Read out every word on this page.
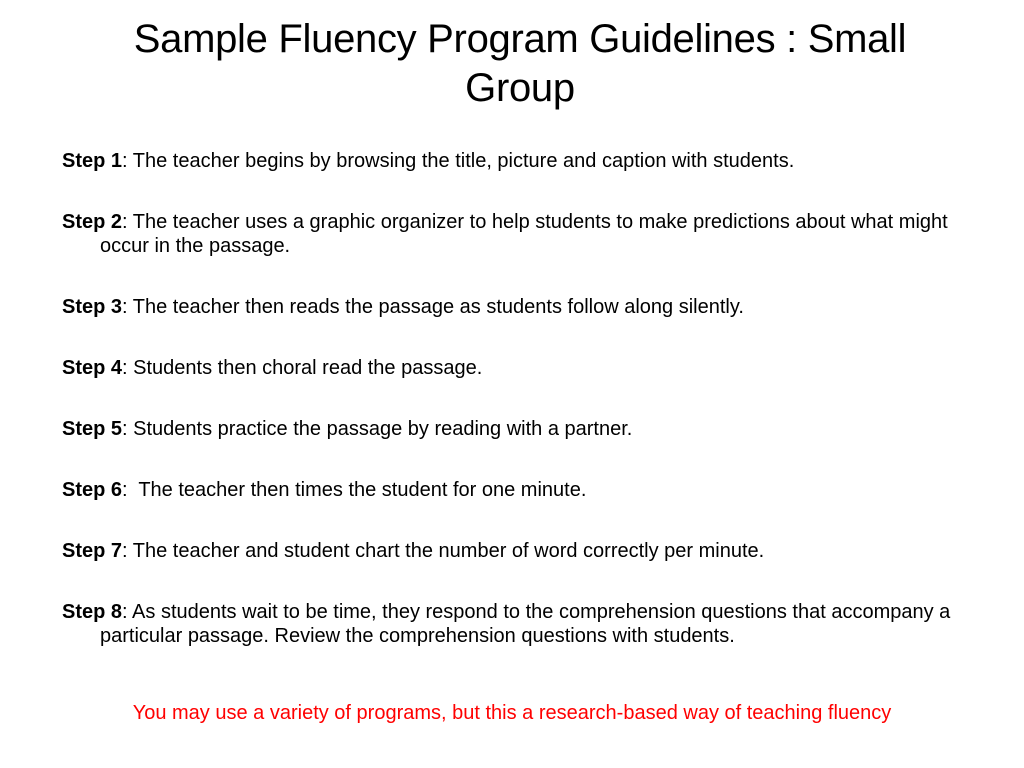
Sample Fluency Program Guidelines : Small Group
Step 1: The teacher begins by browsing the title, picture and caption with students.
Step 2: The teacher uses a graphic organizer to help students to make predictions about what might occur in the passage.
Step 3: The teacher then reads the passage as students follow along silently.
Step 4: Students then choral read the passage.
Step 5: Students practice the passage by reading with a partner.
Step 6:  The teacher then times the student for one minute.
Step 7: The teacher and student chart the number of word correctly per minute.
Step 8: As students wait to be time, they respond to the comprehension questions that accompany a particular passage. Review the comprehension questions with students.
You may use a variety of programs, but this a research-based way of teaching fluency
